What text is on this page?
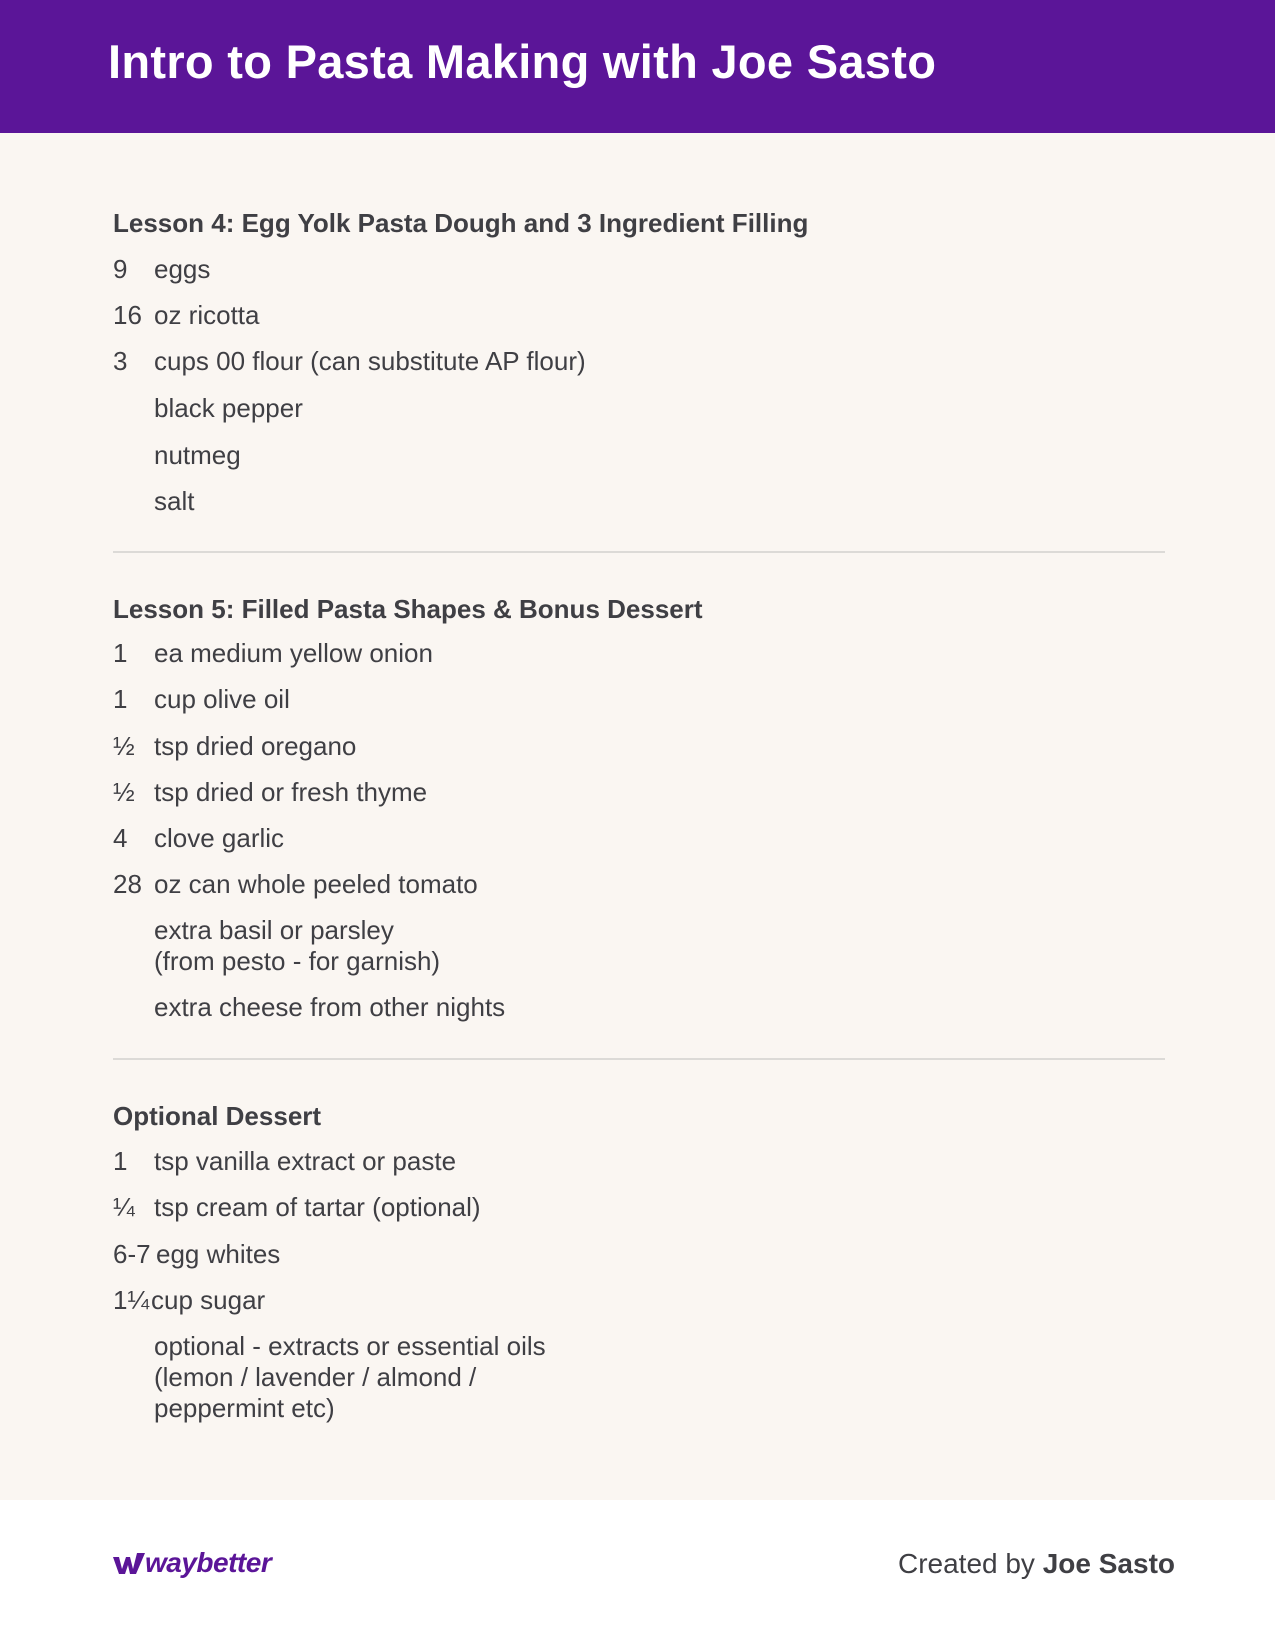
Intro to Pasta Making with Joe Sasto
Lesson 4: Egg Yolk Pasta Dough and 3 Ingredient Filling
9 eggs
16 oz ricotta
3 cups 00 flour (can substitute AP flour)
black pepper
nutmeg
salt
Lesson 5: Filled Pasta Shapes & Bonus Dessert
1 ea medium yellow onion
1 cup olive oil
½ tsp dried oregano
½ tsp dried or fresh thyme
4 clove garlic
28 oz can whole peeled tomato
extra basil or parsley
(from pesto - for garnish)
extra cheese from other nights
Optional Dessert
1 tsp vanilla extract or paste
¼ tsp cream of tartar (optional)
6-7 egg whites
1¼ cup sugar
optional - extracts or essential oils
(lemon / lavender / almond /
peppermint etc)
waybetter	Created by Joe Sasto
